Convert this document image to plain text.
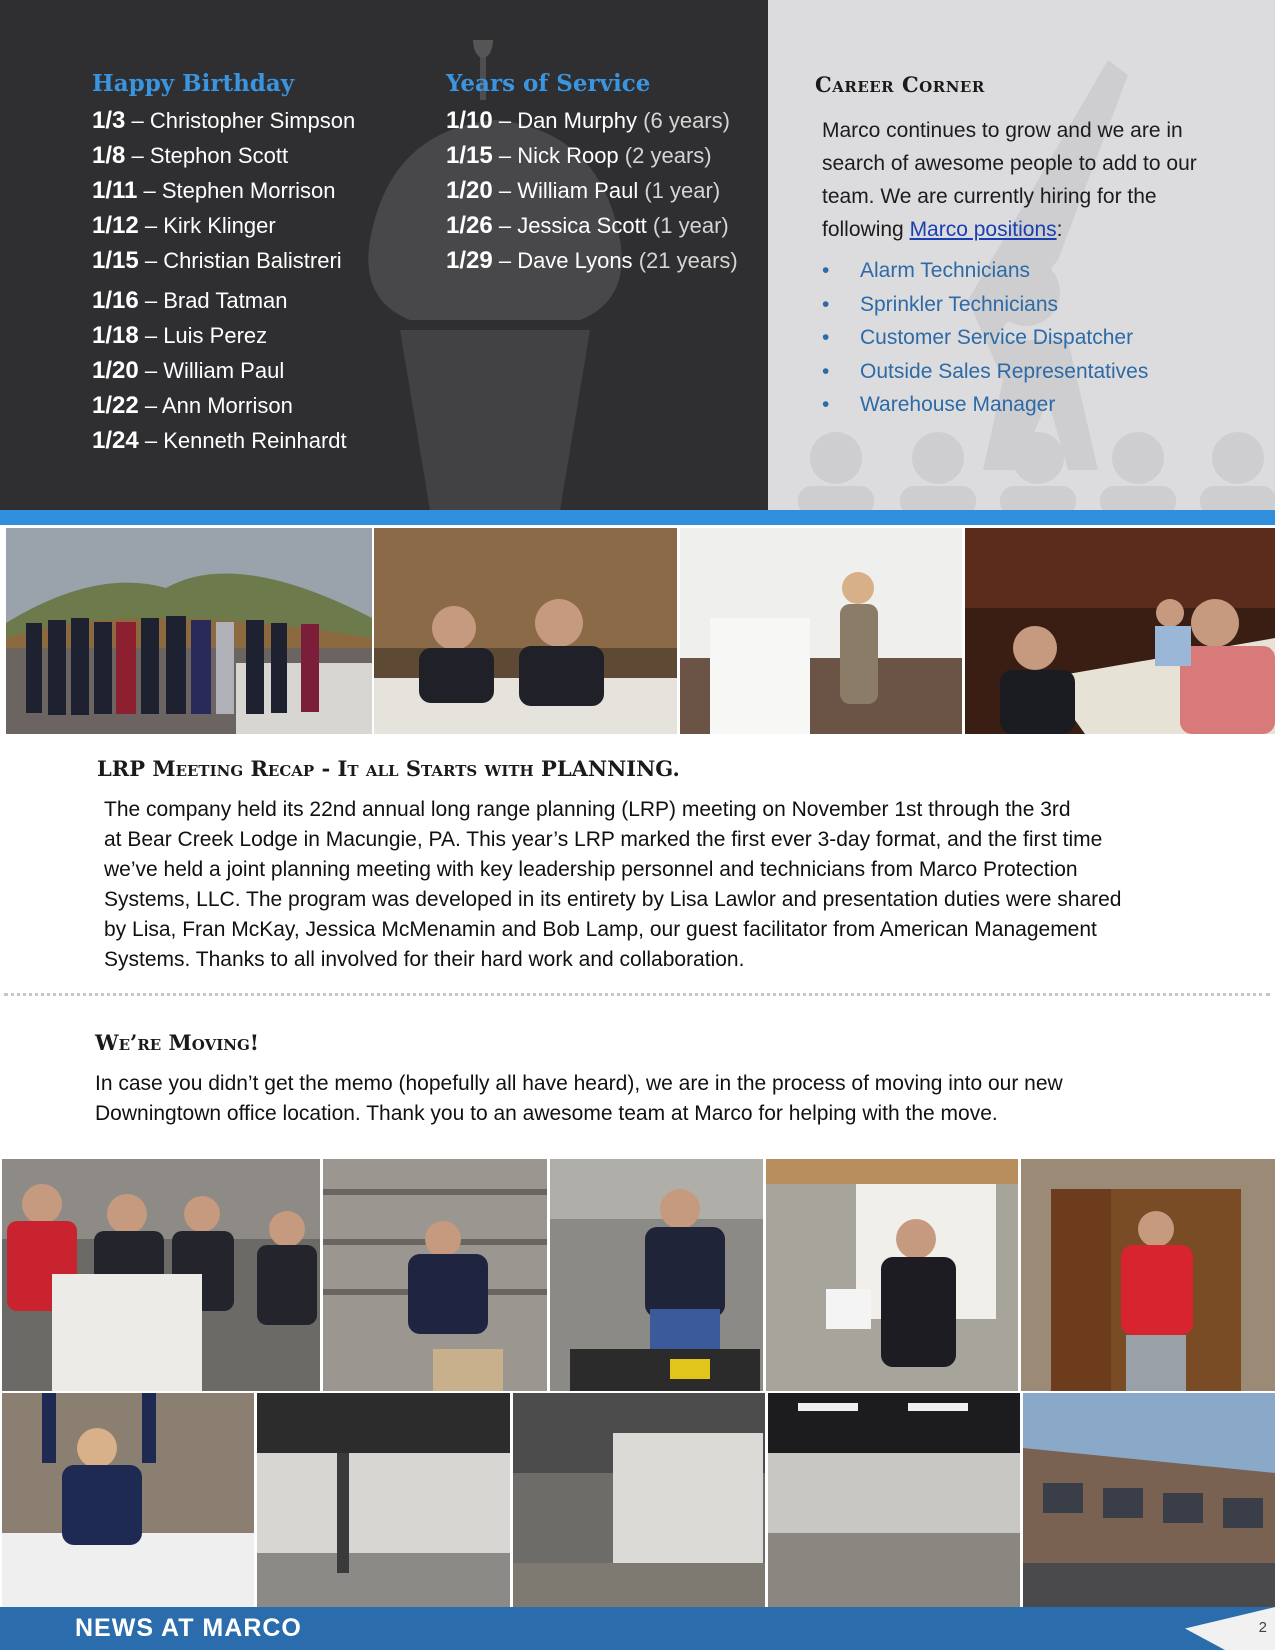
Happy Birthday
1/3 – Christopher Simpson
1/8 – Stephon Scott
1/11 – Stephen Morrison
1/12 – Kirk Klinger
1/15 – Christian Balistreri
1/16 – Brad Tatman
1/18 – Luis Perez
1/20 – William Paul
1/22 – Ann Morrison
1/24 – Kenneth Reinhardt
Years of Service
1/10 – Dan Murphy (6 years)
1/15 – Nick Roop (2 years)
1/20 – William Paul (1 year)
1/26 – Jessica Scott (1 year)
1/29 – Dave Lyons (21 years)
Career Corner
Marco continues to grow and we are in search of awesome people to add to our team. We are currently hiring for the following Marco positions:
• Alarm Technicians
• Sprinkler Technicians
• Customer Service Dispatcher
• Outside Sales Representatives
• Warehouse Manager
LRP Meeting Recap - It all Starts with PLANNING.
The company held its 22nd annual long range planning (LRP) meeting on November 1st through the 3rd
at Bear Creek Lodge in Macungie, PA. This year’s LRP marked the first ever 3-day format, and the first time
we’ve held a joint planning meeting with key leadership personnel and technicians from Marco Protection
Systems, LLC. The program was developed in its entirety by Lisa Lawlor and presentation duties were shared
by Lisa, Fran McKay, Jessica McMenamin and Bob Lamp, our guest facilitator from American Management
Systems. Thanks to all involved for their hard work and collaboration.
We’re Moving!
In case you didn’t get the memo (hopefully all have heard), we are in the process of moving into our new
Downingtown office location. Thank you to an awesome team at Marco for helping with the move.
NEWS AT MARCO	2
